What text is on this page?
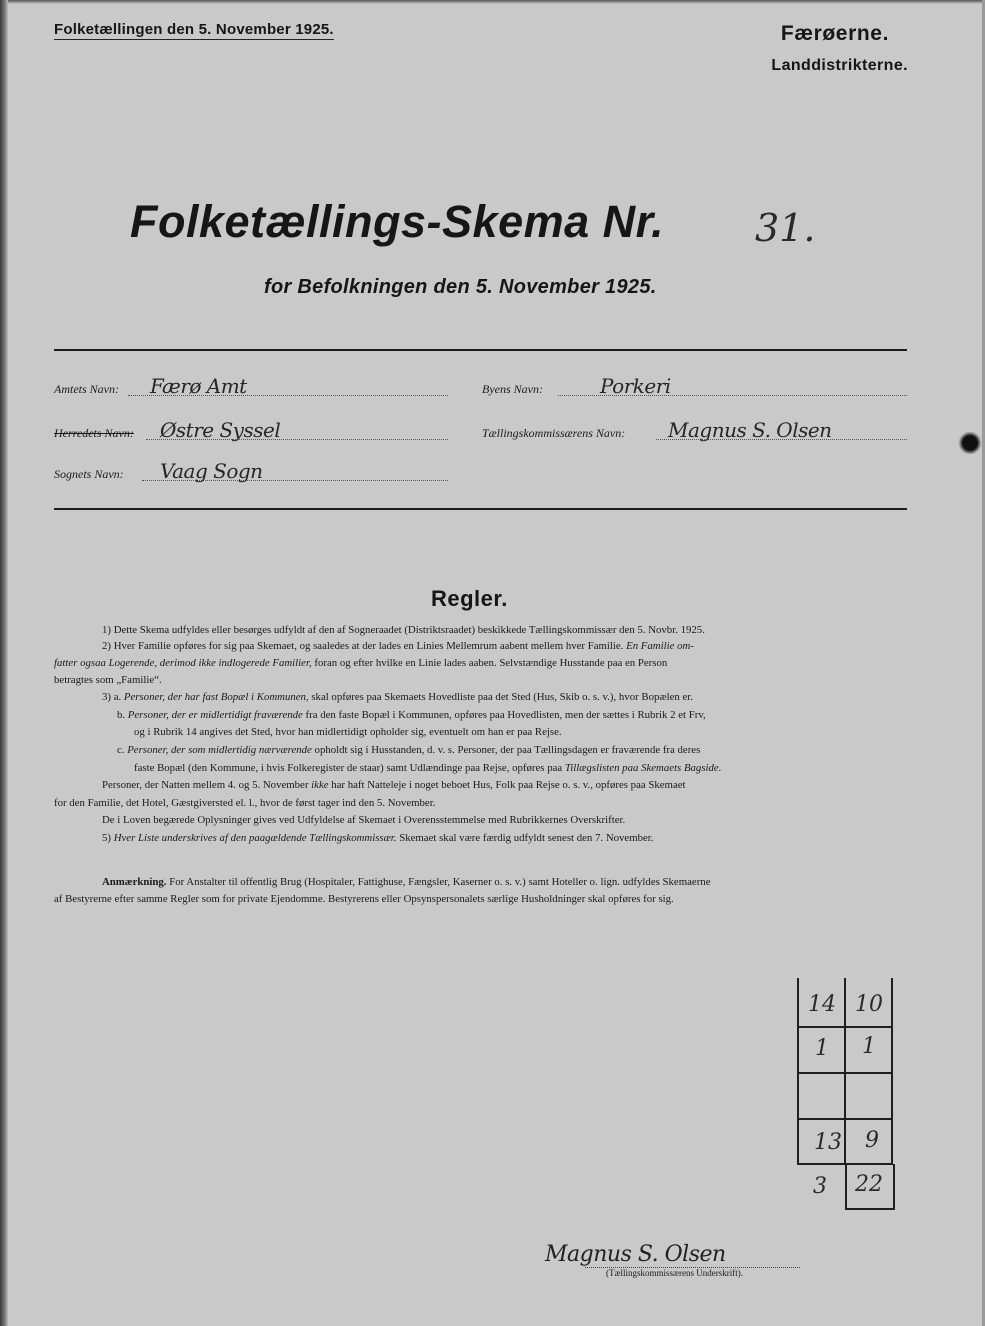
Folketællingen den 5. November 1925.	Færøerne.
Landdistrikterne.
Folketællings-Skema Nr. 31.
for Befolkningen den 5. November 1925.
Amtets Navn: Færø Amt	Byens Navn:	Porkeri
Herredets Navn: Østre Syssel	Tællingskommissærens Navn: Magnus S. Olsen
Sognets Navn: Vaag Sogn
Regler.
1) Dette Skema udfyldes eller besørges udfyldt af den af Sogneraadet (Distriktsraadet) beskikkede Tællingskommissær den 5. Novbr. 1925.
2) Hver Familie opføres for sig paa Skemaet, og saaledes at der lades en Linies Mellemrum aabent mellem hver Familie. En Familie om-
fatter ogsaa Logerende, derimod ikke indlogerede Familier, foran og efter hvilke en Linie lades aaben. Selvstændige Husstande paa en Person
betragtes som „Familie“.
3) a. Personer, der har fast Bopæl i Kommunen, skal opføres paa Skemaets Hovedliste paa det Sted (Hus, Skib o. s. v.), hvor Bopælen er.
b. Personer, der er midlertidigt fraværende fra den faste Bopæl i Kommunen, opføres paa Hovedlisten, men der sættes i Rubrik 2 et Frv,
og i Rubrik 14 angives det Sted, hvor han midlertidigt opholder sig, eventuelt om han er paa Rejse.
c. Personer, der som midlertidig nærværende opholdt sig i Husstanden, d. v. s. Personer, der paa Tællingsdagen er fraværende fra deres
faste Bopæl (den Kommune, i hvis Folkeregister de staar) samt Udlændinge paa Rejse, opføres paa Tillægslisten paa Skemaets Bagside.
Personer, der Natten mellem 4. og 5. November ikke har haft Natteleje i noget beboet Hus, Folk paa Rejse o. s. v., opføres paa Skemaet
for den Familie, det Hotel, Gæstgiversted el. l., hvor de først tager ind den 5. November.
De i Loven begærede Oplysninger gives ved Udfyldelse af Skemaet i Overensstemmelse med Rubrikkernes Overskrifter.
5) Hver Liste underskrives af den paagældende Tællingskommissær. Skemaet skal være færdig udfyldt senest den 7. November.
Anmærkning. For Anstalter til offentlig Brug (Hospitaler, Fattighuse, Fængsler, Kaserner o. s. v.) samt Hoteller o. lign. udfyldes Skemaerne
af Bestyrerne efter samme Regler som for private Ejendomme. Bestyrerens eller Opsynspersonalets særlige Husholdninger skal opføres for sig.
14 10
1	1
13	9
3	22
Magnus S. Olsen
(Tællingskommissærens Underskrift).
